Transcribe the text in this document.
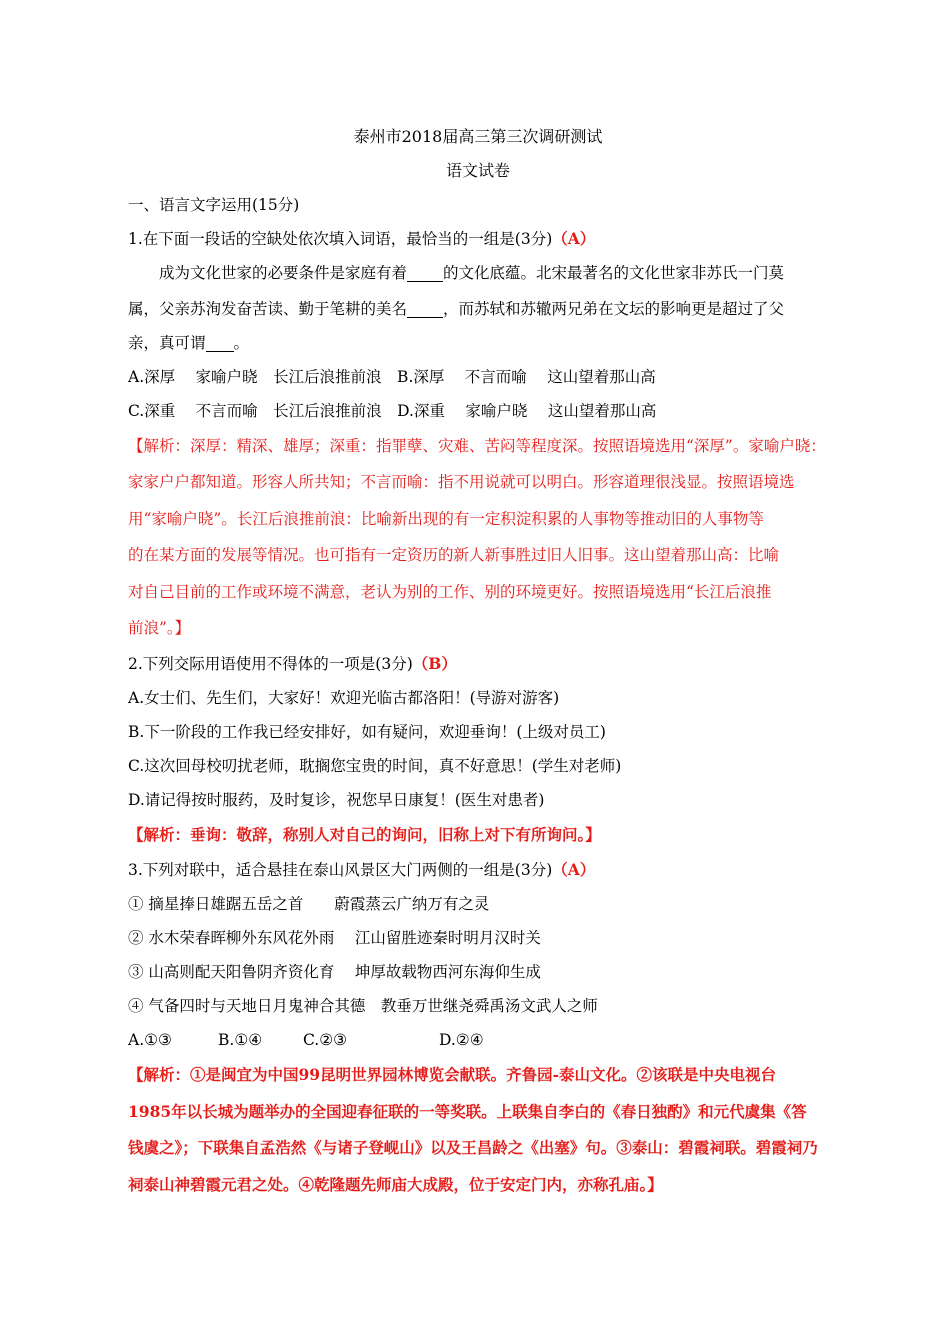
泰州市2018届高三第三次调研测试

语文试卷

一、语言文字运用(15分)

1.在下面一段话的空缺处依次填入词语，最恰当的一组是(3分)（A）

成为文化世家的必要条件是家庭有着 的文化底蕴。北宋最著名的文化世家非苏氏一门莫

属，父亲苏洵发奋苦读、勤于笔耕的美名 ，而苏轼和苏辙两兄弟在文坛的影响更是超过了父

亲，真可谓 。

A.深厚　 家喻户晓　长江后浪推前浪　B.深厚　 不言而喻　 这山望着那山高

C.深重　 不言而喻　长江后浪推前浪　D.深重　 家喻户晓　 这山望着那山高

【解析：深厚：精深、雄厚；深重：指罪孽、灾难、苦闷等程度深。按照语境选用“深厚”。家喻户晓：

家家户户都知道。形容人所共知；不言而喻：指不用说就可以明白。形容道理很浅显。按照语境选

用“家喻户晓”。长江后浪推前浪：比喻新出现的有一定积淀积累的人事物等推动旧的人事物等

的在某方面的发展等情况。也可指有一定资历的新人新事胜过旧人旧事。这山望着那山高：比喻

对自己目前的工作或环境不满意，老认为别的工作、别的环境更好。按照语境选用“长江后浪推

前浪”。】

2.下列交际用语使用不得体的一项是(3分)（B）

A.女士们、先生们，大家好！欢迎光临古都洛阳！(导游对游客)

B.下一阶段的工作我已经安排好，如有疑问，欢迎垂询！(上级对员工)

C.这次回母校叨扰老师，耽搁您宝贵的时间，真不好意思！(学生对老师)

D.请记得按时服药，及时复诊，祝您早日康复！(医生对患者)

【解析：垂询：敬辞，称别人对自己的询问，旧称上对下有所询问。】

3.下列对联中，适合悬挂在泰山风景区大门两侧的一组是(3分)（A）

① 摘星捧日雄踞五岳之首　　蔚霞蒸云广纳万有之灵

② 水木荣春晖柳外东风花外雨　 江山留胜迹秦时明月汉时关

③ 山高则配天阳鲁阴齐资化育　 坤厚故载物西河东海仰生成

④ 气备四时与天地日月鬼神合其德　教垂万世继尧舜禹汤文武人之师

A.①③	B.①④	C.②③	D.②④

【解析：①是闽宜为中国99昆明世界园林博览会献联。齐鲁园-泰山文化。②该联是中央电视台

1985年以长城为题举办的全国迎春征联的一等奖联。上联集自李白的《春日独酌》和元代虞集《答

钱虞之》；下联集自孟浩然《与诸子登岘山》以及王昌龄之《出塞》句。③泰山：碧霞祠联。碧霞祠乃

祠泰山神碧霞元君之处。④乾隆题先师庙大成殿，位于安定门内，亦称孔庙。】
